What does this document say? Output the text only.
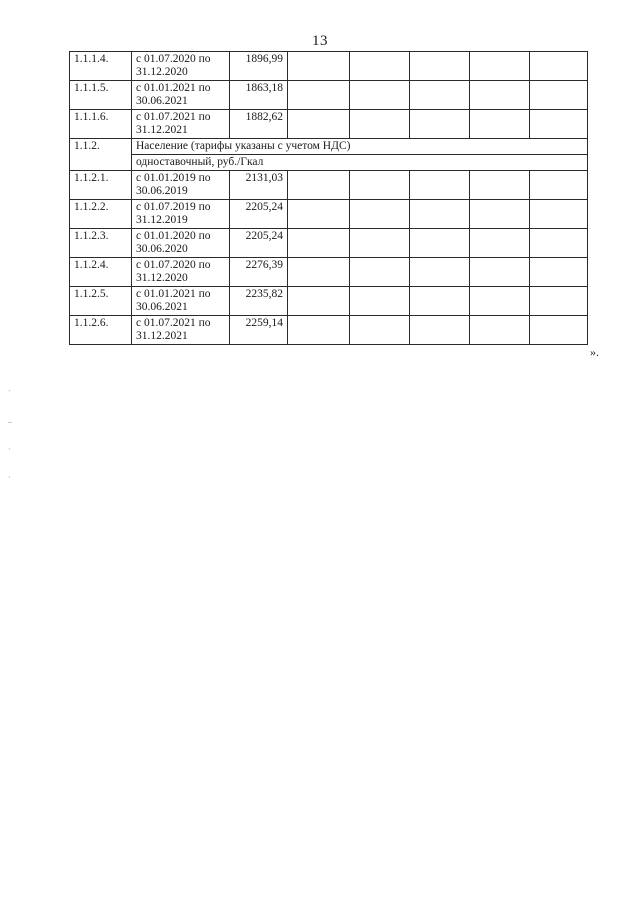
13
1.1.1.4.	с 01.07.2020 по 31.12.2020	1896,99					
1.1.1.5.	с 01.01.2021 по 30.06.2021	1863,18					
1.1.1.6.	с 01.07.2021 по 31.12.2021	1882,62					
1.1.2.	Население (тарифы указаны с учетом НДС)						
	одноставочный, руб./Гкал						
1.1.2.1.	с 01.01.2019 по 30.06.2019	2131,03					
1.1.2.2.	с 01.07.2019 по 31.12.2019	2205,24					
1.1.2.3.	с 01.01.2020 по 30.06.2020	2205,24					
1.1.2.4.	с 01.07.2020 по 31.12.2020	2276,39					
1.1.2.5.	с 01.01.2021 по 30.06.2021	2235,82					
1.1.2.6.	с 01.07.2021 по 31.12.2021	2259,14					
».
´
–
·
·
